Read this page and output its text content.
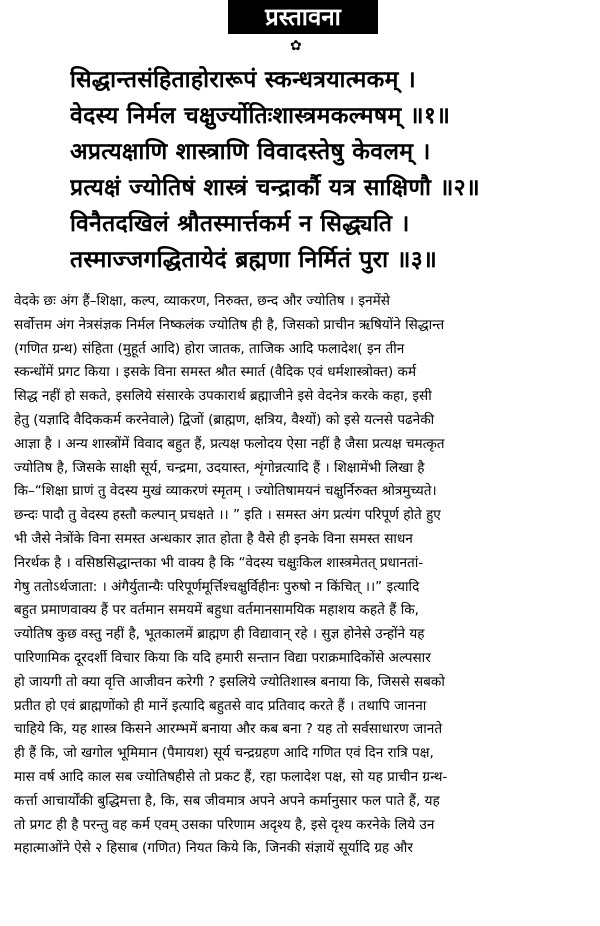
प्रस्तावना
✿
सिद्धान्तसंहिताहोरारूपं स्कन्धत्रयात्मकम् ।
वेदस्य निर्मल चक्षुर्ज्योतिःशास्त्रमकल्मषम् ॥१॥
अप्रत्यक्षाणि शास्त्राणि विवादस्तेषु केवलम् ।
प्रत्यक्षं ज्योतिषं शास्त्रं चन्द्रार्कौ यत्र साक्षिणौ ॥२॥
विनैतदखिलं श्रौतस्मार्त्तकर्म न सिद्ध्यति ।
तस्माज्जगद्धितायेदं ब्रह्मणा निर्मितं पुरा ॥३॥
वेदके छः अंग हैं–शिक्षा, कल्प, व्याकरण, निरुक्त, छन्द और ज्योतिष । इनमेंसे
सर्वोत्तम अंग नेत्रसंज्ञक निर्मल निष्कलंक ज्योतिष ही है, जिसको प्राचीन ऋषियोंने सिद्धान्त
(गणित ग्रन्थ) संहिता (मुहूर्त आदि) होरा जातक, ताजिक आदि फलादेश( इन तीन
स्कन्धोंमें प्रगट किया । इसके विना समस्त श्रौत स्मार्त (वैदिक एवं धर्मशास्त्रोक्त) कर्म
सिद्ध नहीं हो सकते, इसलिये संसारके उपकारार्थ ब्रह्माजीने इसे वेदनेत्र करके कहा, इसी
हेतु (यज्ञादि वैदिककर्म करनेवाले) द्विजों (ब्राह्मण, क्षत्रिय, वैश्यों) को इसे यत्नसे पढनेकी
आज्ञा है । अन्य शास्त्रोंमें विवाद बहुत हैं, प्रत्यक्ष फलोदय ऐसा नहीं है जैसा प्रत्यक्ष चमत्कृत
ज्योतिष है, जिसके साक्षी सूर्य, चन्द्रमा, उदयास्त, शृंगोन्नत्यादि हैं । शिक्षामेंभी लिखा है
कि–“शिक्षा घ्राणं तु वेदस्य मुखं व्याकरणं स्मृतम् । ज्योतिषामयनं चक्षुर्निरुक्त श्रोत्रमुच्यते।
छन्दः पादौ तु वेदस्य हस्तौ कल्पान् प्रचक्षते ।। ” इति । समस्त अंग प्रत्यंग परिपूर्ण होते हुए
भी जैसे नेत्रोंके विना समस्त अन्धकार ज्ञात होता है वैसे ही इनके विना समस्त साधन
निरर्थक है । वसिष्ठसिद्धान्तका भी वाक्य है कि “वेदस्य चक्षुःकिल शास्त्रमेतत् प्रधानतां-
गेषु ततोऽर्थजाता: । अंगैर्युतान्यैः परिपूर्णमूर्त्तिश्चक्षुर्विहीनः पुरुषो न किंचित् ।।” इत्यादि
बहुत प्रमाणवाक्य हैं पर वर्तमान समयमें बहुधा वर्तमानसामयिक महाशय कहते हैं कि,
ज्योतिष कुछ वस्तु नहीं है, भूतकालमें ब्राह्मण ही विद्यावान् रहे । सुज्ञ होनेसे उन्होंने यह
पारिणामिक दूरदर्शी विचार किया कि यदि हमारी सन्तान विद्या पराक्रमादिकोंसे अल्पसार
हो जायगी तो क्या वृत्ति आजीवन करेगी ? इसलिये ज्योतिशास्त्र बनाया कि, जिससे सबको
प्रतीत हो एवं ब्राह्मणोंको ही मानें इत्यादि बहुतसे वाद प्रतिवाद करते हैं । तथापि जानना
चाहिये कि, यह शास्त्र किसने आरम्भमें बनाया और कब बना ? यह तो सर्वसाधारण जानते
ही हैं कि, जो खगोल भूमिमान (पैमायश) सूर्य चन्द्रग्रहण आदि गणित एवं दिन रात्रि पक्ष,
मास वर्ष आदि काल सब ज्योतिषहीसे तो प्रकट हैं, रहा फलादेश पक्ष, सो यह प्राचीन ग्रन्थ-
कर्त्ता आचार्योंकी बुद्धिमत्ता है, कि, सब जीवमात्र अपने अपने कर्मानुसार फल पाते हैं, यह
तो प्रगट ही है परन्तु वह कर्म एवम् उसका परिणाम अदृश्य है, इसे दृश्य करनेके लिये उन
महात्माओंने ऐसे २ हिसाब (गणित) नियत किये कि, जिनकी संज्ञायें सूर्यादि ग्रह और
